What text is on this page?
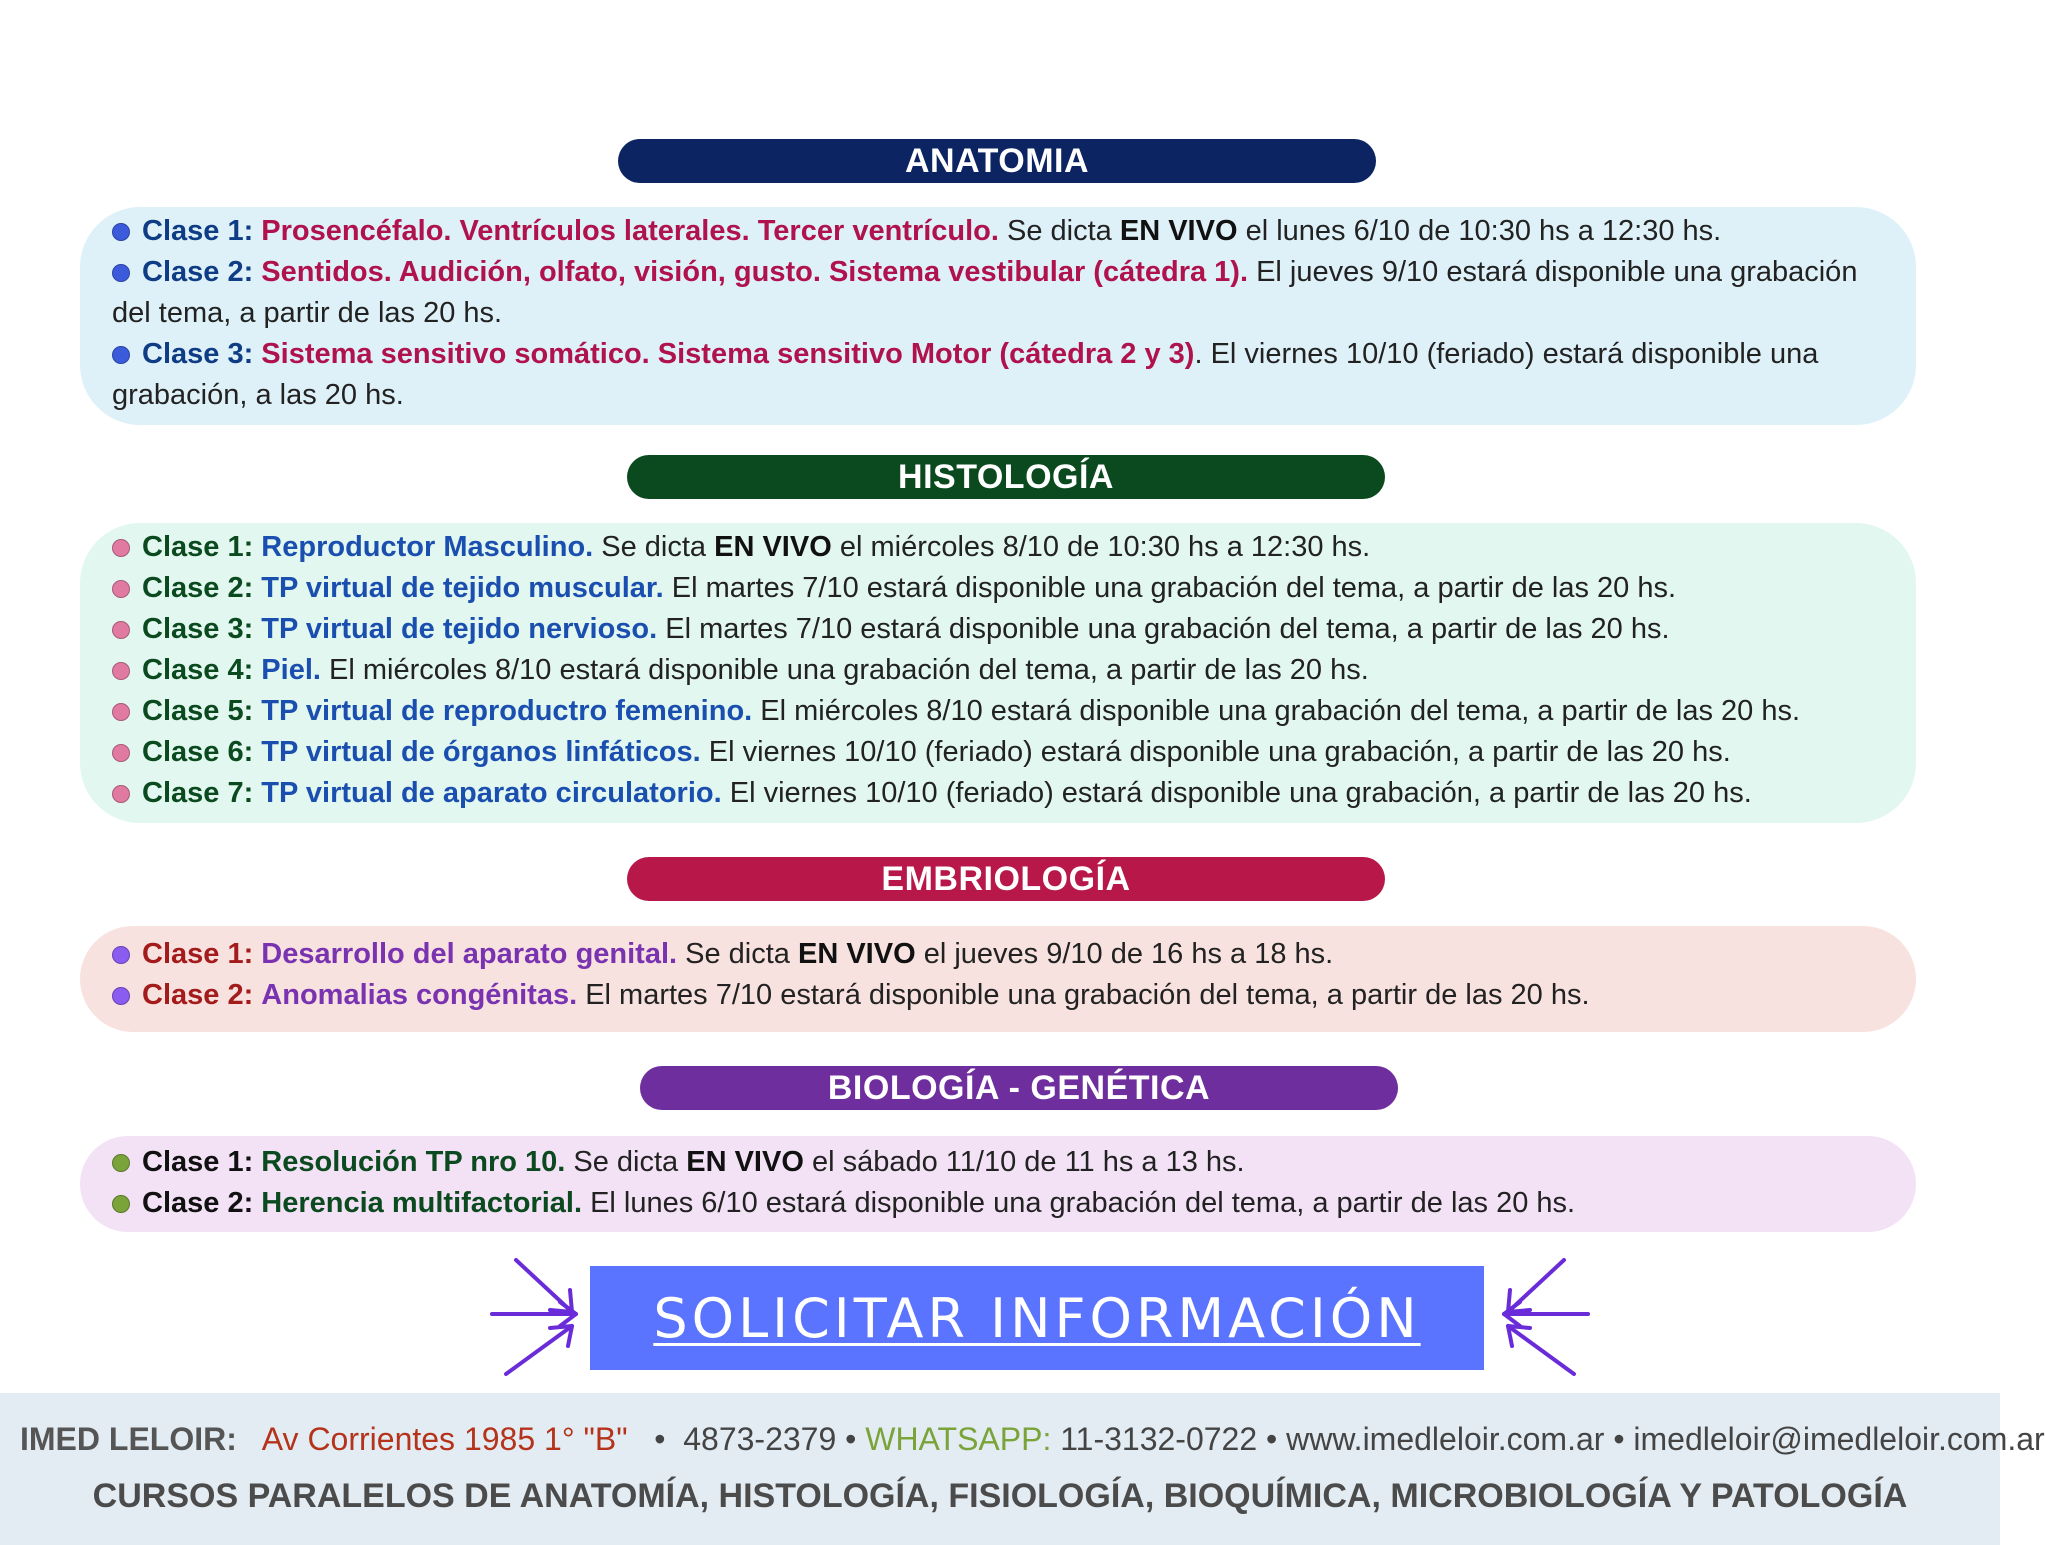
ANATOMIA
Clase 1: Prosencéfalo. Ventrículos laterales. Tercer ventrículo. Se dicta EN VIVO el lunes 6/10 de 10:30 hs a 12:30 hs.
Clase 2: Sentidos. Audición, olfato, visión, gusto. Sistema vestibular (cátedra 1). El jueves 9/10 estará disponible una grabación del tema, a partir de las 20 hs.
Clase 3: Sistema sensitivo somático. Sistema sensitivo Motor (cátedra 2 y 3). El viernes 10/10 (feriado) estará disponible una grabación, a las 20 hs.
HISTOLOGÍA
Clase 1: Reproductor Masculino. Se dicta EN VIVO el miércoles 8/10 de 10:30 hs a 12:30 hs.
Clase 2: TP virtual de tejido muscular. El martes 7/10 estará disponible una grabación del tema, a partir de las 20 hs.
Clase 3: TP virtual de tejido nervioso. El martes 7/10 estará disponible una grabación del tema, a partir de las 20 hs.
Clase 4: Piel. El miércoles 8/10 estará disponible una grabación del tema, a partir de las 20 hs.
Clase 5: TP virtual de reproductro femenino. El miércoles 8/10 estará disponible una grabación del tema, a partir de las 20 hs.
Clase 6: TP virtual de órganos linfáticos. El viernes 10/10 (feriado) estará disponible una grabación, a partir de las 20 hs.
Clase 7: TP virtual de aparato circulatorio. El viernes 10/10 (feriado) estará disponible una grabación, a partir de las 20 hs.
EMBRIOLOGÍA
Clase 1: Desarrollo del aparato genital. Se dicta EN VIVO el jueves 9/10 de 16 hs a 18 hs.
Clase 2: Anomalias congénitas. El martes 7/10 estará disponible una grabación del tema, a partir de las 20 hs.
BIOLOGÍA - GENÉTICA
Clase 1: Resolución TP nro 10. Se dicta EN VIVO el sábado 11/10 de 11 hs a 13 hs.
Clase 2: Herencia multifactorial. El lunes 6/10 estará disponible una grabación del tema, a partir de las 20 hs.
SOLICITAR INFORMACIÓN
IMED LELOIR: Av Corrientes 1985 1° "B"   •  4873-2379 • WHATSAPP: 11-3132-0722 • www.imedleloir.com.ar • imedleloir@imedleloir.com.ar
CURSOS PARALELOS DE ANATOMÍA, HISTOLOGÍA, FISIOLOGÍA, BIOQUÍMICA, MICROBIOLOGÍA Y PATOLOGÍA
